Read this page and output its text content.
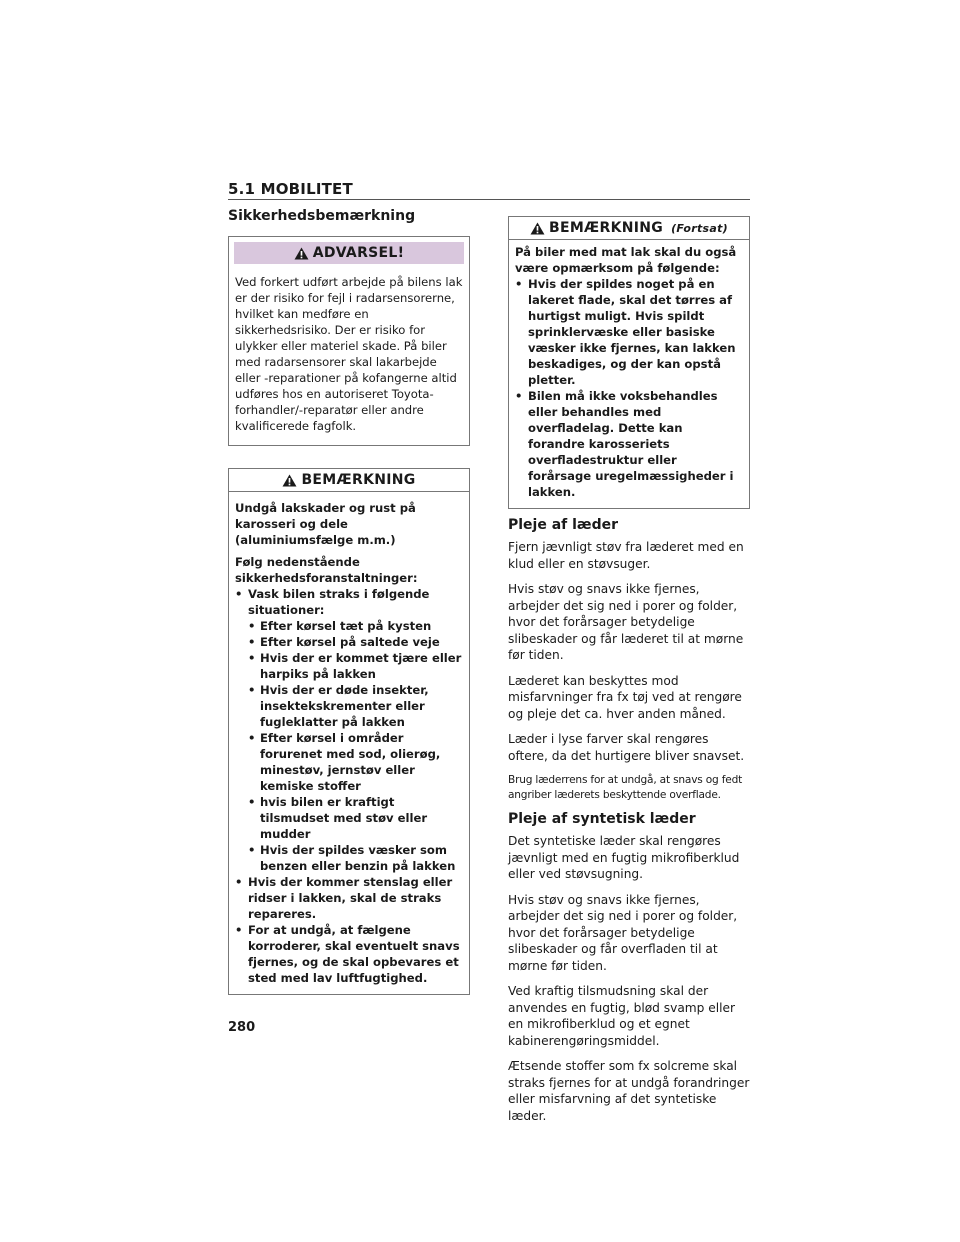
5.1 MOBILITET
Sikkerhedsbemærkning
ADVARSEL!

Ved forkert udført arbejde på bilens lak er der risiko for fejl i radarsensorerne, hvilket kan medføre en sikkerhedsrisiko. Der er risiko for ulykker eller materiel skade. På biler med radarsensorer skal lakarbejde eller -reparationer på kofangerne altid udføres hos en autoriseret Toyota-forhandler/-reparatør eller andre kvalificerede fagfolk.

BEMÆRKNING

Undgå lakskader og rust på karosseri og dele (aluminiumsfælge m.m.)

Følg nedenstående sikkerhedsforanstaltninger:

• Vask bilen straks i følgende situationer:
• Efter kørsel tæt på kysten
• Efter kørsel på saltede veje
• Hvis der er kommet tjære eller harpiks på lakken
• Hvis der er døde insekter, insektekskrementer eller fugleklatter på lakken
• Efter kørsel i områder forurenet med sod, olierøg, minestøv, jernstøv eller kemiske stoffer
• hvis bilen er kraftigt tilsmudset med støv eller mudder
• Hvis der spildes væsker som benzen eller benzin på lakken
• Hvis der kommer stenslag eller ridser i lakken, skal de straks repareres.
• For at undgå, at fælgene korroderer, skal eventuelt snavs fjernes, og de skal opbevares et sted med lav luftfugtighed.
BEMÆRKNING (Fortsat)

På biler med mat lak skal du også være opmærksom på følgende:

• Hvis der spildes noget på en lakeret flade, skal det tørres af hurtigst muligt. Hvis spildt sprinklervæske eller basiske væsker ikke fjernes, kan lakken beskadiges, og der kan opstå pletter.
• Bilen må ikke voksbehandles eller behandles med overfladelag. Dette kan forandre karosseriets overfladestruktur eller forårsage uregelmæssigheder i lakken.
Pleje af læder

Fjern jævnligt støv fra læderet med en klud eller en støvsuger.

Hvis støv og snavs ikke fjernes, arbejder det sig ned i porer og folder, hvor det forårsager betydelige slibeskader og får læderet til at mørne før tiden.

Læderet kan beskyttes mod misfarvninger fra fx tøj ved at rengøre og pleje det ca. hver anden måned.

Læder i lyse farver skal rengøres oftere, da det hurtigere bliver snavset.

Brug læderrens for at undgå, at snavs og fedt angriber læderets beskyttende overflade.

Pleje af syntetisk læder

Det syntetiske læder skal rengøres jævnligt med en fugtig mikrofiberklud eller ved støvsugning.

Hvis støv og snavs ikke fjernes, arbejder det sig ned i porer og folder, hvor det forårsager betydelige slibeskader og får overfladen til at mørne før tiden.

Ved kraftig tilsmudsning skal der anvendes en fugtig, blød svamp eller en mikrofiberklud og et egnet kabinerengøringsmiddel.

Ætsende stoffer som fx solcreme skal straks fjernes for at undgå forandringer eller misfarvning af det syntetiske læder.

280
